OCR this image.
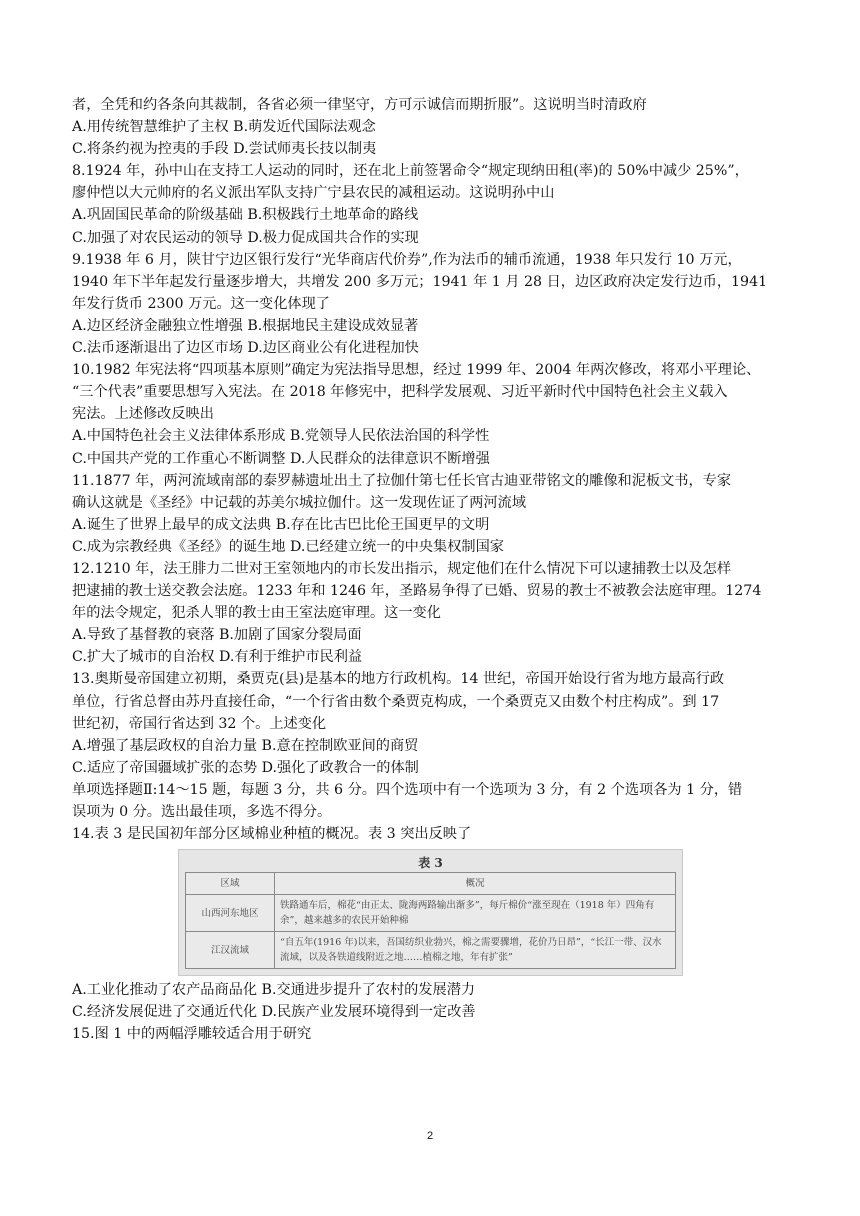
者，全凭和约各条向其裁制，各省必须一律坚守，方可示诚信而期折服”。这说明当时清政府
A.用传统智慧维护了主权 B.萌发近代国际法观念
C.将条约视为控夷的手段 D.尝试师夷长技以制夷
8.1924 年，孙中山在支持工人运动的同时，还在北上前签署命令“规定现纳田租(率)的 50%中减少 25%”，
廖仲恺以大元帅府的名义派出军队支持广宁县农民的减租运动。这说明孙中山
A.巩固国民革命的阶级基础 B.积极践行土地革命的路线
C.加强了对农民运动的领导 D.极力促成国共合作的实现
9.1938 年 6 月，陕甘宁边区银行发行“光华商店代价券”,作为法币的辅币流通，1938 年只发行 10 万元，
1940 年下半年起发行量逐步增大，共增发 200 多万元；1941 年 1 月 28 日，边区政府决定发行边币，1941
年发行货币 2300 万元。这一变化体现了
A.边区经济金融独立性增强 B.根据地民主建设成效显著
C.法币逐渐退出了边区市场 D.边区商业公有化进程加快
10.1982 年宪法将“四项基本原则”确定为宪法指导思想，经过 1999 年、2004 年两次修改，将邓小平理论、
“三个代表”重要思想写入宪法。在 2018 年修宪中，把科学发展观、习近平新时代中国特色社会主义载入
宪法。上述修改反映出
A.中国特色社会主义法律体系形成 B.党领导人民依法治国的科学性
C.中国共产党的工作重心不断调整 D.人民群众的法律意识不断增强
11.1877 年，两河流域南部的泰罗赫遗址出土了拉伽什第七任长官古迪亚带铭文的雕像和泥板文书，专家
确认这就是《圣经》中记载的苏美尔城拉伽什。这一发现佐证了两河流域
A.诞生了世界上最早的成文法典 B.存在比古巴比伦王国更早的文明
C.成为宗教经典《圣经》的诞生地 D.已经建立统一的中央集权制国家
12.1210 年，法王腓力二世对王室领地内的市长发出指示，规定他们在什么情况下可以逮捕教士以及怎样
把逮捕的教士送交教会法庭。1233 年和 1246 年，圣路易争得了已婚、贸易的教士不被教会法庭审理。1274
年的法令规定，犯杀人罪的教士由王室法庭审理。这一变化
A.导致了基督教的衰落 B.加剧了国家分裂局面
C.扩大了城市的自治权 D.有利于维护市民利益
13.奥斯曼帝国建立初期，桑贾克(县)是基本的地方行政机构。14 世纪，帝国开始设行省为地方最高行政
单位，行省总督由苏丹直接任命，“一个行省由数个桑贾克构成，一个桑贾克又由数个村庄构成”。到 17
世纪初，帝国行省达到 32 个。上述变化
A.增强了基层政权的自治力量 B.意在控制欧亚间的商贸
C.适应了帝国疆域扩张的态势 D.强化了政教合一的体制
单项选择题Ⅱ:14～15 题，每题 3 分，共 6 分。四个选项中有一个选项为 3 分，有 2 个选项各为 1 分，错
误项为 0 分。选出最佳项，多选不得分。
14.表 3 是民国初年部分区域棉业种植的概况。表 3 突出反映了
表 3
区域	概况
山西河东地区	铁路通车后，棉花“由正太、陇海两路输出渐多”，每斤棉价“涨至现在（1918 年）四角有余”，越来越多的农民开始种棉
江汉流域	“自五年(1916 年)以来，吾国纺织业勃兴，棉之需要骤增，花价乃日昂”，“长江一带、汉水流域，以及各铁道线附近之地……植棉之地，年有扩张”
A.工业化推动了农产品商品化 B.交通进步提升了农村的发展潜力
C.经济发展促进了交通近代化 D.民族产业发展环境得到一定改善
15.图 1 中的两幅浮雕较适合用于研究
2
